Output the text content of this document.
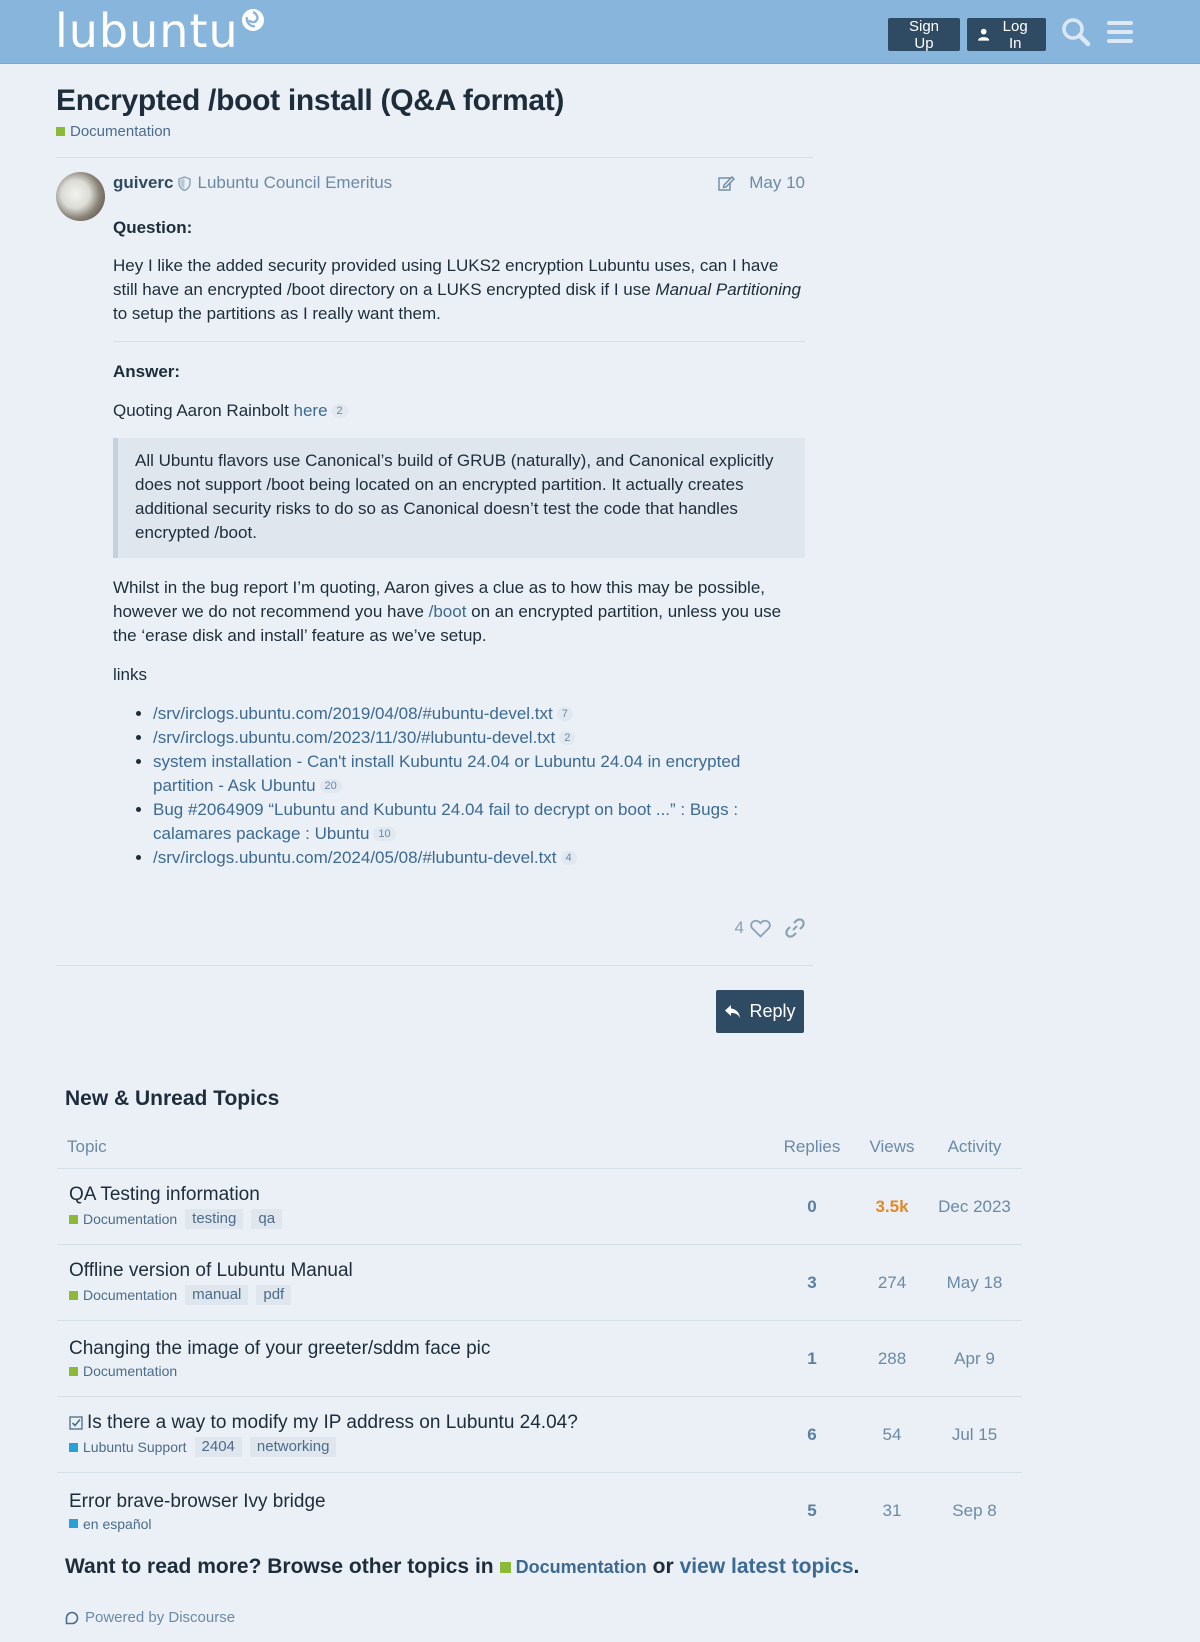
lubuntu	Sign Up
Log In
Encrypted /boot install (Q&A format)
Documentation
guiverc Lubuntu Council Emeritus	May 10

Question:

Hey I like the added security provided using LUKS2 encryption Lubuntu uses, can I have still have an encrypted /boot directory on a LUKS encrypted disk if I use Manual Partitioning to setup the partitions as I really want them.

Answer:

Quoting Aaron Rainbolt here 2

All Ubuntu flavors use Canonical’s build of GRUB (naturally), and Canonical explicitly does not support /boot being located on an encrypted partition. It actually creates additional security risks to do so as Canonical doesn’t test the code that handles encrypted /boot.

Whilst in the bug report I’m quoting, Aaron gives a clue as to how this may be possible, however we do not recommend you have /boot on an encrypted partition, unless you use the ‘erase disk and install’ feature as we’ve setup.

links

• /srv/irclogs.ubuntu.com/2019/04/08/#ubuntu-devel.txt 7
• /srv/irclogs.ubuntu.com/2023/11/30/#lubuntu-devel.txt 2
• system installation - Can't install Kubuntu 24.04 or Lubuntu 24.04 in encrypted partition - Ask Ubuntu 20
• Bug #2064909 “Lubuntu and Kubuntu 24.04 fail to decrypt on boot ...” : Bugs : calamares package : Ubuntu 10
• /srv/irclogs.ubuntu.com/2024/05/08/#lubuntu-devel.txt 4
4
Reply
New & Unread Topics
Topic	Replies	Views	Activity
QA Testing information
Documentation	testing	qa
0	3.5k	Dec 2023
Offline version of Lubuntu Manual
Documentation	manual	pdf
3	274	May 18
Changing the image of your greeter/sddm face pic
Documentation
1	288	Apr 9
Is there a way to modify my IP address on Lubuntu 24.04?
Lubuntu Support	2404	networking
6	54	Jul 15
Error brave-browser Ivy bridge
en español
5	31	Sep 8
Want to read more? Browse other topics in Documentation or view latest topics.
Powered by Discourse
